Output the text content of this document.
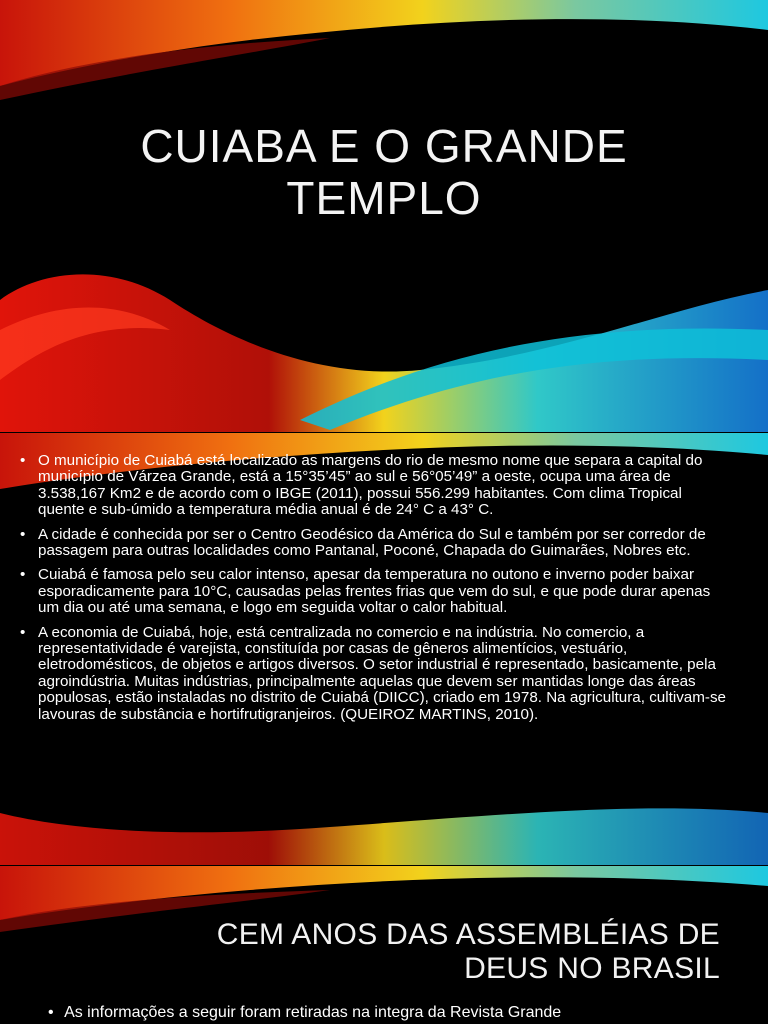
CUIABA E O GRANDE
TEMPLO
• O município de Cuiabá está localizado as margens do rio de mesmo nome que separa a capital do município de Várzea Grande, está a 15°35’45” ao sul e 56°05’49” a oeste, ocupa uma área de 3.538,167 Km2 e de acordo com o IBGE (2011), possui 556.299 habitantes. Com clima Tropical quente e sub-úmido a temperatura média anual é de 24° C a 43° C.
• A cidade é conhecida por ser o Centro Geodésico da América do Sul e também por ser corredor de passagem para outras localidades como Pantanal, Poconé, Chapada do Guimarães, Nobres etc.
• Cuiabá é famosa pelo seu calor intenso, apesar da temperatura no outono e inverno poder baixar esporadicamente para 10°C, causadas pelas frentes frias que vem do sul, e que pode durar apenas um dia ou até uma semana, e logo em seguida voltar o calor habitual.
• A economia de Cuiabá, hoje, está centralizada no comercio e na indústria. No comercio, a representatividade é varejista, constituída por casas de gêneros alimentícios, vestuário, eletrodomésticos, de objetos e artigos diversos. O setor industrial é representado, basicamente, pela agroindústria. Muitas indústrias, principalmente aquelas que devem ser mantidas longe das áreas populosas, estão instaladas no distrito de Cuiabá (DIICC), criado em 1978. Na agricultura, cultivam-se lavouras de substância e hortifrutigranjeiros. (QUEIROZ MARTINS, 2010).
CEM ANOS DAS ASSEMBLÉIAS DE
DEUS NO BRASIL
• As informações a seguir foram retiradas na integra da Revista Grande
